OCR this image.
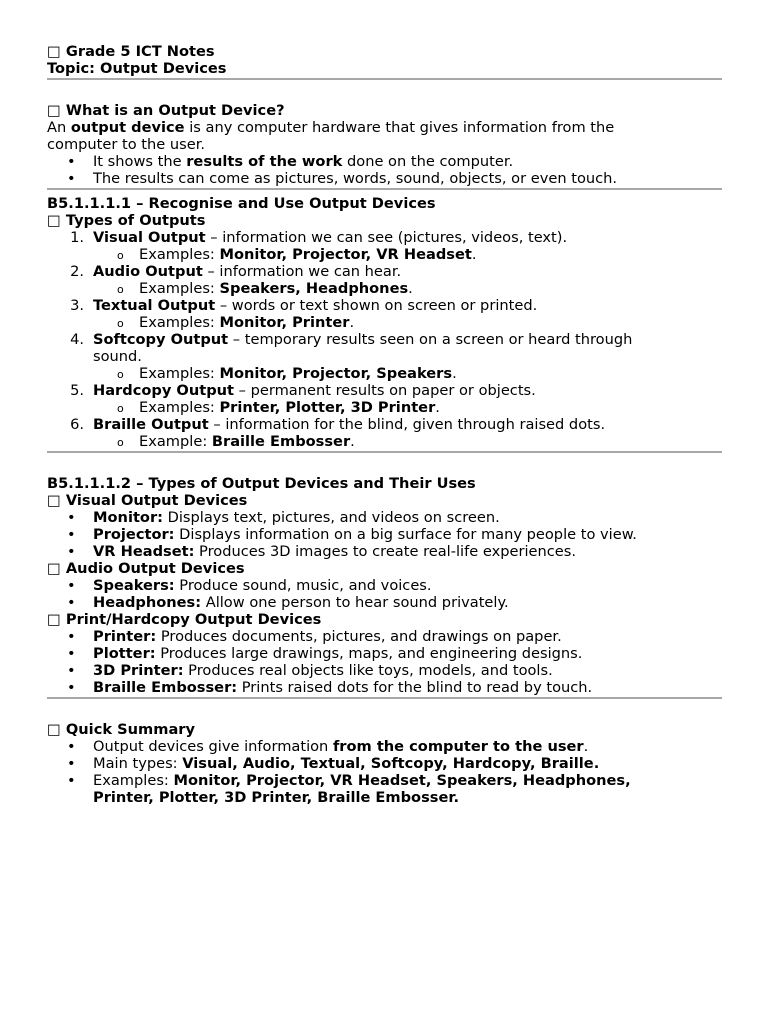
□ Grade 5 ICT Notes
Topic: Output Devices
□ What is an Output Device?
An output device is any computer hardware that gives information from the
computer to the user.
• It shows the results of the work done on the computer.
• The results can come as pictures, words, sound, objects, or even touch.
B5.1.1.1.1 – Recognise and Use Output Devices
□ Types of Outputs
1. Visual Output – information we can see (pictures, videos, text).
o Examples: Monitor, Projector, VR Headset.
2. Audio Output – information we can hear.
o Examples: Speakers, Headphones.
3. Textual Output – words or text shown on screen or printed.
o Examples: Monitor, Printer.
4. Softcopy Output – temporary results seen on a screen or heard through
sound.
o Examples: Monitor, Projector, Speakers.
5. Hardcopy Output – permanent results on paper or objects.
o Examples: Printer, Plotter, 3D Printer.
6. Braille Output – information for the blind, given through raised dots.
o Example: Braille Embosser.
B5.1.1.1.2 – Types of Output Devices and Their Uses
□ Visual Output Devices
• Monitor: Displays text, pictures, and videos on screen.
• Projector: Displays information on a big surface for many people to view.
• VR Headset: Produces 3D images to create real-life experiences.
□ Audio Output Devices
• Speakers: Produce sound, music, and voices.
• Headphones: Allow one person to hear sound privately.
□ Print/Hardcopy Output Devices
• Printer: Produces documents, pictures, and drawings on paper.
• Plotter: Produces large drawings, maps, and engineering designs.
• 3D Printer: Produces real objects like toys, models, and tools.
• Braille Embosser: Prints raised dots for the blind to read by touch.
□ Quick Summary
• Output devices give information from the computer to the user.
• Main types: Visual, Audio, Textual, Softcopy, Hardcopy, Braille.
• Examples: Monitor, Projector, VR Headset, Speakers, Headphones,
Printer, Plotter, 3D Printer, Braille Embosser.
